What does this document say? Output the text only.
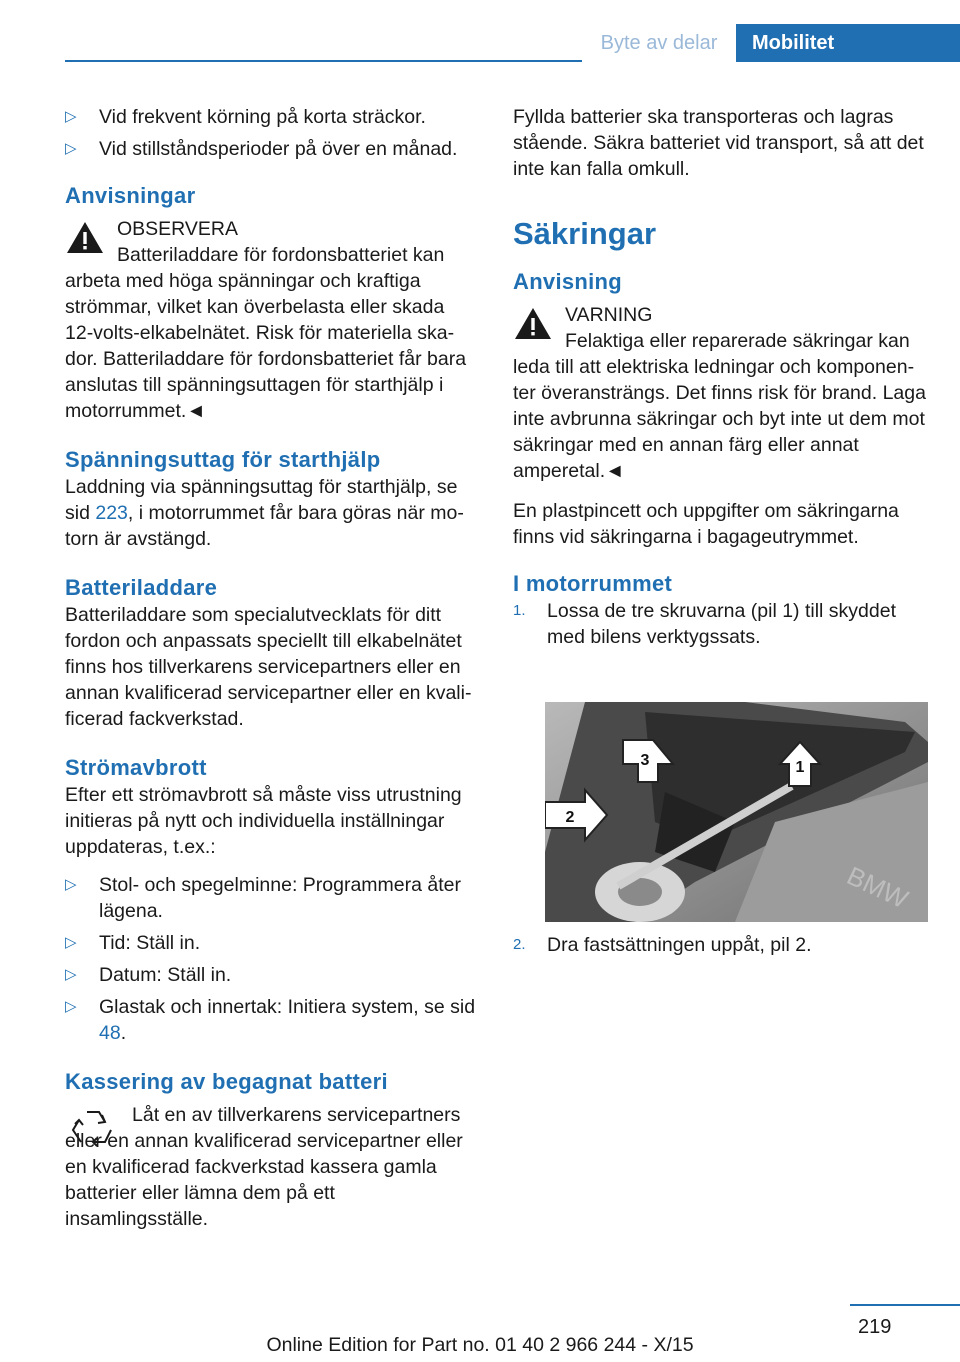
Byte av delar	Mobilitet
▷	Vid frekvent körning på korta sträckor.
▷	Vid stillståndsperioder på över en månad.
Anvisningar

OBSERVERA

Batteriladdare för fordonsbatteriet kan arbeta med höga spänningar och kraftiga strömmar, vilket kan överbelasta eller skada 12‑volts‑elkabelnätet. Risk för materiella skador. Batteriladdare för fordonsbatteriet får bara anslutas till spänningsuttagen för starthjälp i motorrummet.◄

Spänningsuttag för starthjälp

Laddning via spänningsuttag för starthjälp, se sid 223, i motorrummet får bara göras när motorn är avstängd.

Batteriladdare

Batteriladdare som specialutvecklats för ditt fordon och anpassats speciellt till elkabelnätet finns hos tillverkarens servicepartners eller en annan kvalificerad servicepartner eller en kvalificerad fackverkstad.

Strömavbrott

Efter ett strömavbrott så måste viss utrustning initieras på nytt och individuella inställningar uppdateras, t.ex.:

▷	Stol- och spegelminne: Programmera åter lägena.
▷	Tid: Ställ in.
▷	Datum: Ställ in.
▷	Glastak och innertak: Initiera system, se sid 48.
Kassering av begagnat batteri

Låt en av tillverkarens servicepartners eller en annan kvalificerad servicepartner eller en kvalificerad fackverkstad kassera gamla batterier eller lämna dem på ett insamlingsställe.

Fyllda batterier ska transporteras och lagras stående. Säkra batteriet vid transport, så att det inte kan falla omkull.

Säkringar
Anvisning

VARNING

Felaktiga eller reparerade säkringar kan leda till att elektriska ledningar och komponenter överansträngs. Det finns risk för brand. Laga inte avbrunna säkringar och byt inte ut dem mot säkringar med en annan färg eller annat amperetal.◄

En plastpincett och uppgifter om säkringarna finns vid säkringarna i bagageutrymmet.

I motorrummet
1.	Lossa de tre skruvarna (pil 1) till skyddet med bilens verktygssats.
BMW
1
2
3
2.	Dra fastsättningen uppåt, pil 2.
219
Online Edition for Part no. 01 40 2 966 244 - X/15
